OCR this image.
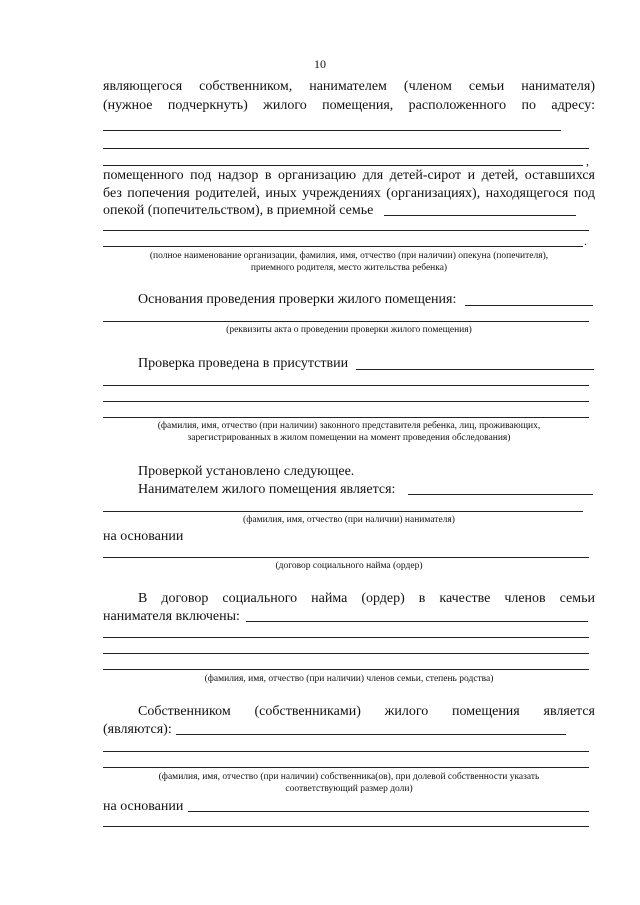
10
являющегося собственником, нанимателем (членом семьи нанимателя)
(нужное подчеркнуть) жилого помещения, расположенного по адресу:
,
помещенного под надзор в организацию для детей-сирот и детей, оставшихся
без попечения родителей, иных учреждениях (организациях), находящегося под
опекой (попечительством), в приемной семье
.
(полное наименование организации, фамилия, имя, отчество (при наличии) опекуна (попечителя),
приемного родителя, место жительства ребенка)
Основания проведения проверки жилого помещения:
(реквизиты акта о проведении проверки жилого помещения)
Проверка проведена в присутствии
(фамилия, имя, отчество (при наличии) законного представителя ребенка, лиц, проживающих,
зарегистрированных в жилом помещении на момент проведения обследования)
Проверкой установлено следующее.
Нанимателем жилого помещения является:
(фамилия, имя, отчество (при наличии) нанимателя)
на основании
(договор социального найма (ордер)
В договор социального найма (ордер) в качестве членов семьи
нанимателя включены:
(фамилия, имя, отчество (при наличии) членов семьи, степень родства)
Собственником (собственниками) жилого помещения является
(являются):
(фамилия, имя, отчество (при наличии) собственника(ов), при долевой собственности указать
соответствующий размер доли)
на основании
